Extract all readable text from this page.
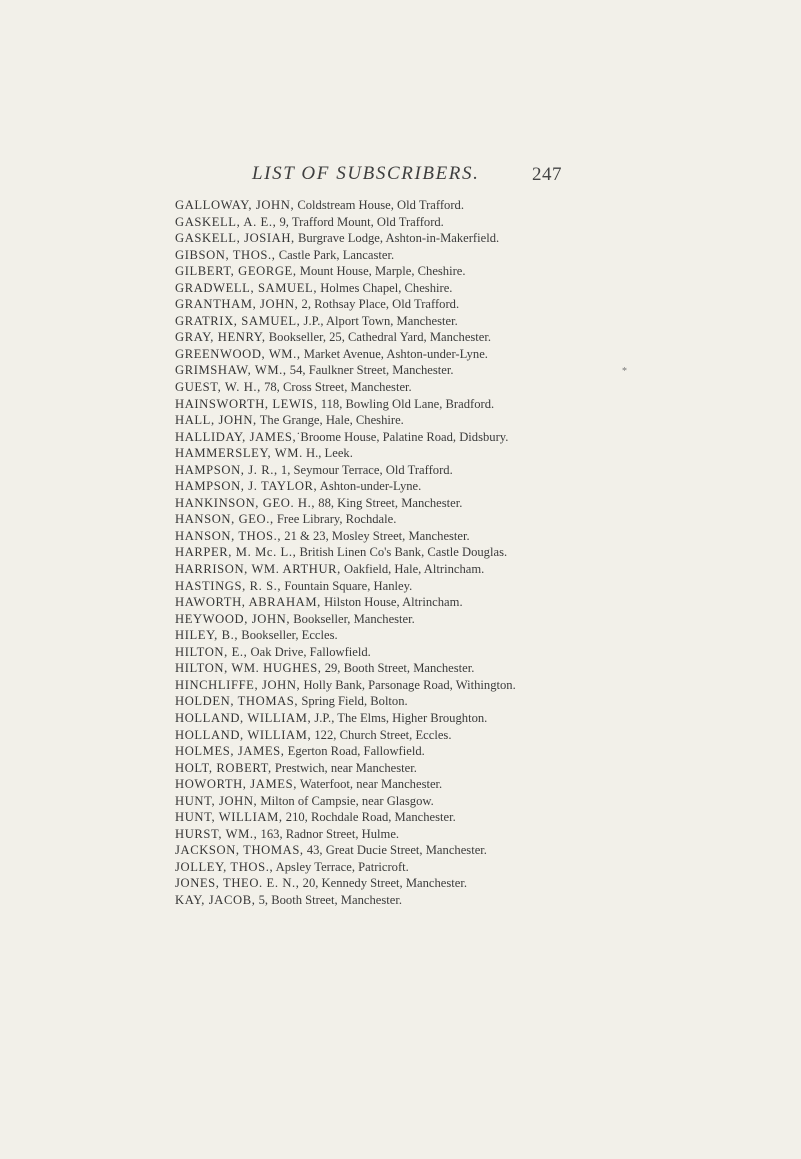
LIST OF SUBSCRIBERS.	247
GALLOWAY, JOHN, Coldstream House, Old Trafford.
GASKELL, A. E., 9, Trafford Mount, Old Trafford.
GASKELL, JOSIAH, Burgrave Lodge, Ashton-in-Makerfield.
GIBSON, THOS., Castle Park, Lancaster.
GILBERT, GEORGE, Mount House, Marple, Cheshire.
GRADWELL, SAMUEL, Holmes Chapel, Cheshire.
GRANTHAM, JOHN, 2, Rothsay Place, Old Trafford.
GRATRIX, SAMUEL, J.P., Alport Town, Manchester.
GRAY, HENRY, Bookseller, 25, Cathedral Yard, Manchester.
GREENWOOD, WM., Market Avenue, Ashton-under-Lyne.
GRIMSHAW, WM., 54, Faulkner Street, Manchester.
GUEST, W. H., 78, Cross Street, Manchester.
HAINSWORTH, LEWIS, 118, Bowling Old Lane, Bradford.
HALL, JOHN, The Grange, Hale, Cheshire.
HALLIDAY, JAMES,˙Broome House, Palatine Road, Didsbury.
HAMMERSLEY, WM. H., Leek.
HAMPSON, J. R., 1, Seymour Terrace, Old Trafford.
HAMPSON, J. TAYLOR, Ashton-under-Lyne.
HANKINSON, GEO. H., 88, King Street, Manchester.
HANSON, GEO., Free Library, Rochdale.
HANSON, THOS., 21 & 23, Mosley Street, Manchester.
HARPER, M. Mc. L., British Linen Co's Bank, Castle Douglas.
HARRISON, WM. ARTHUR, Oakfield, Hale, Altrincham.
HASTINGS, R. S., Fountain Square, Hanley.
HAWORTH, ABRAHAM, Hilston House, Altrincham.
HEYWOOD, JOHN, Bookseller, Manchester.
HILEY, B., Bookseller, Eccles.
HILTON, E., Oak Drive, Fallowfield.
HILTON, WM. HUGHES, 29, Booth Street, Manchester.
HINCHLIFFE, JOHN, Holly Bank, Parsonage Road, Withington.
HOLDEN, THOMAS, Spring Field, Bolton.
HOLLAND, WILLIAM, J.P., The Elms, Higher Broughton.
HOLLAND, WILLIAM, 122, Church Street, Eccles.
HOLMES, JAMES, Egerton Road, Fallowfield.
HOLT, ROBERT, Prestwich, near Manchester.
HOWORTH, JAMES, Waterfoot, near Manchester.
HUNT, JOHN, Milton of Campsie, near Glasgow.
HUNT, WILLIAM, 210, Rochdale Road, Manchester.
HURST, WM., 163, Radnor Street, Hulme.
JACKSON, THOMAS, 43, Great Ducie Street, Manchester.
JOLLEY, THOS., Apsley Terrace, Patricroft.
JONES, THEO. E. N., 20, Kennedy Street, Manchester.
KAY, JACOB, 5, Booth Street, Manchester.
*
